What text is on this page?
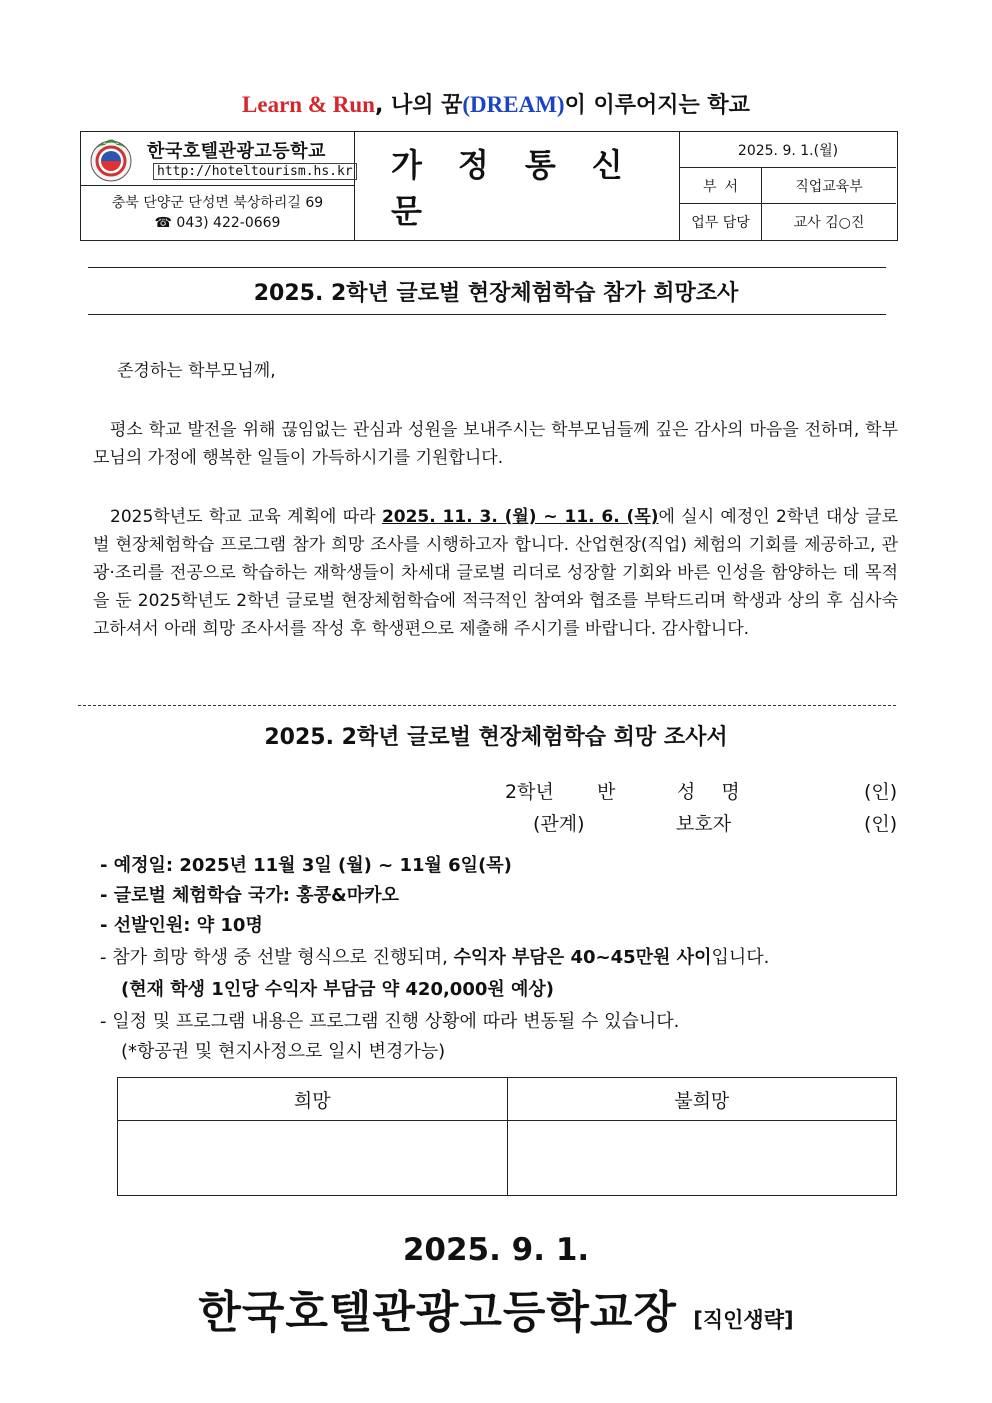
Learn & Run, 나의 꿈(DREAM)이 이루어지는 학교
한국호텔관광고등학교
http://hoteltourism.hs.kr
충북 단양군 단성면 북상하리길 69
☎ 043) 422-0669
가정통신문
2025. 9. 1.(월)
부서	직업교육부
업무 담당	교사 김○진
2025. 2학년 글로벌 현장체험학습 참가 희망조사
존경하는 학부모님께,
평소 학교 발전을 위해 끊임없는 관심과 성원을 보내주시는 학부모님들께 깊은 감사의 마음을 전하며, 학부모님의 가정에 행복한 일들이 가득하시기를 기원합니다.
2025학년도 학교 교육 계획에 따라 2025. 11. 3. (월) ~ 11. 6. (목)에 실시 예정인 2학년 대상 글로벌 현장체험학습 프로그램 참가 희망 조사를 시행하고자 합니다. 산업현장(직업) 체험의 기회를 제공하고, 관광·조리를 전공으로 학습하는 재학생들이 차세대 글로벌 리더로 성장할 기회와 바른 인성을 함양하는 데 목적을 둔 2025학년도 2학년 글로벌 현장체험학습에 적극적인 참여와 협조를 부탁드리며 학생과 상의 후 심사숙고하셔서 아래 희망 조사서를 작성 후 학생편으로 제출해 주시기를 바랍니다. 감사합니다.
2025. 2학년 글로벌 현장체험학습 희망 조사서
2학년 반	성 명	(인)
(관계)	보호자	(인)
- 예정일: 2025년 11월 3일 (월) ~ 11월 6일(목)
- 글로벌 체험학습 국가: 홍콩&마카오
- 선발인원: 약 10명
- 참가 희망 학생 중 선발 형식으로 진행되며, 수익자 부담은 40~45만원 사이입니다.
(현재 학생 1인당 수익자 부담금 약 420,000원 예상)
- 일정 및 프로그램 내용은 프로그램 진행 상황에 따라 변동될 수 있습니다.
(*항공권 및 현지사정으로 일시 변경가능)
희망	불희망

2025. 9. 1.
한국호텔관광고등학교장 [직인생략]
